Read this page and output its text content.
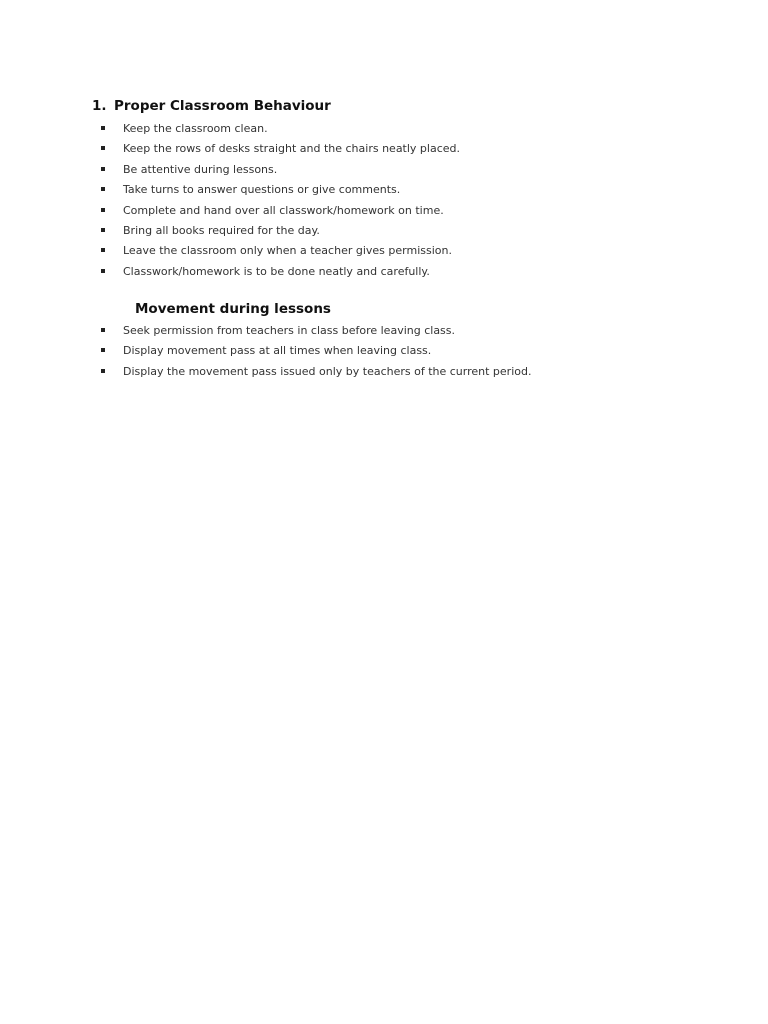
1. Proper Classroom Behaviour
Keep the classroom clean.
Keep the rows of desks straight and the chairs neatly placed.
Be attentive during lessons.
Take turns to answer questions or give comments.
Complete and hand over all classwork/homework on time.
Bring all books required for the day.
Leave the classroom only when a teacher gives permission.
Classwork/homework is to be done neatly and carefully.
Movement during lessons
Seek permission from teachers in class before leaving class.
Display movement pass at all times when leaving class.
Display the movement pass issued only by teachers of the current period.
